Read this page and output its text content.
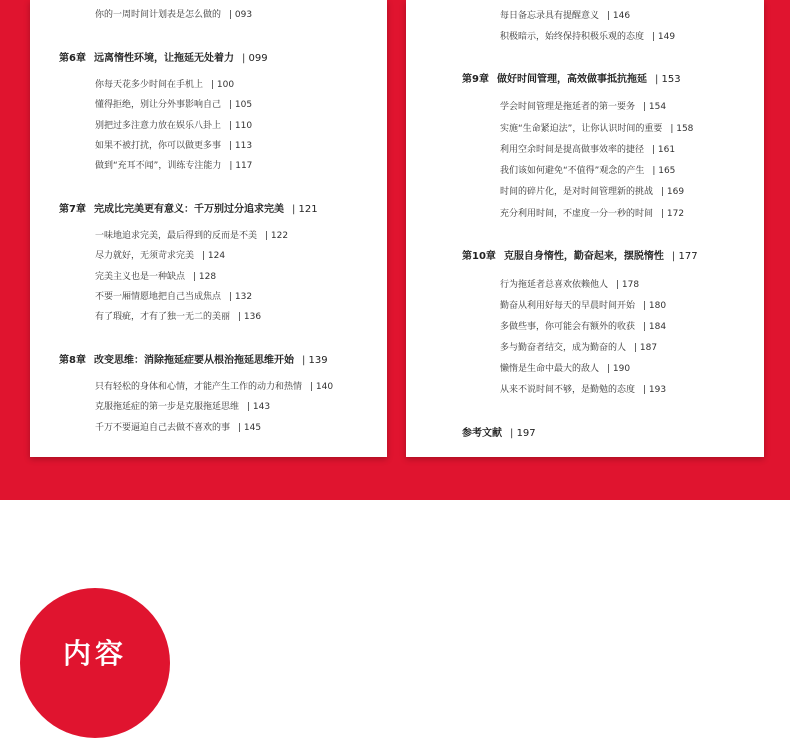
你的一周时间计划表是怎么做的 | 093
第6章 远离惰性环境，让拖延无处着力 | 099
你每天花多少时间在手机上 | 100
懂得拒绝，别让分外事影响自己 | 105
别把过多注意力放在娱乐八卦上 | 110
如果不被打扰，你可以做更多事 | 113
做到“充耳不闻”，训练专注能力 | 117
第7章 完成比完美更有意义：千万别过分追求完美 | 121
一味地追求完美，最后得到的反而是不美 | 122
尽力就好，无须苛求完美 | 124
完美主义也是一种缺点 | 128
不要一厢情愿地把自己当成焦点 | 132
有了瑕疵，才有了独一无二的美丽 | 136
第8章 改变思维：消除拖延症要从根治拖延思维开始 | 139
只有轻松的身体和心情，才能产生工作的动力和热情 | 140
克服拖延症的第一步是克服拖延思维 | 143
千万不要逼迫自己去做不喜欢的事 | 145
每日备忘录具有提醒意义 | 146
积极暗示，始终保持积极乐观的态度 | 149
第9章 做好时间管理，高效做事抵抗拖延 | 153
学会时间管理是拖延者的第一要务 | 154
实施“生命紧迫法”，让你认识时间的重要 | 158
利用空余时间是提高做事效率的捷径 | 161
我们该如何避免“不值得”观念的产生 | 165
时间的碎片化，是对时间管理新的挑战 | 169
充分利用时间，不虚度一分一秒的时间 | 172
第10章 克服自身惰性，勤奋起来，摆脱惰性 | 177
行为拖延者总喜欢依赖他人 | 178
勤奋从利用好每天的早晨时间开始 | 180
多做些事，你可能会有额外的收获 | 184
多与勤奋者结交，成为勤奋的人 | 187
懒惰是生命中最大的敌人 | 190
从来不说时间不够，是勤勉的态度 | 193
参考文献 | 197
内容
